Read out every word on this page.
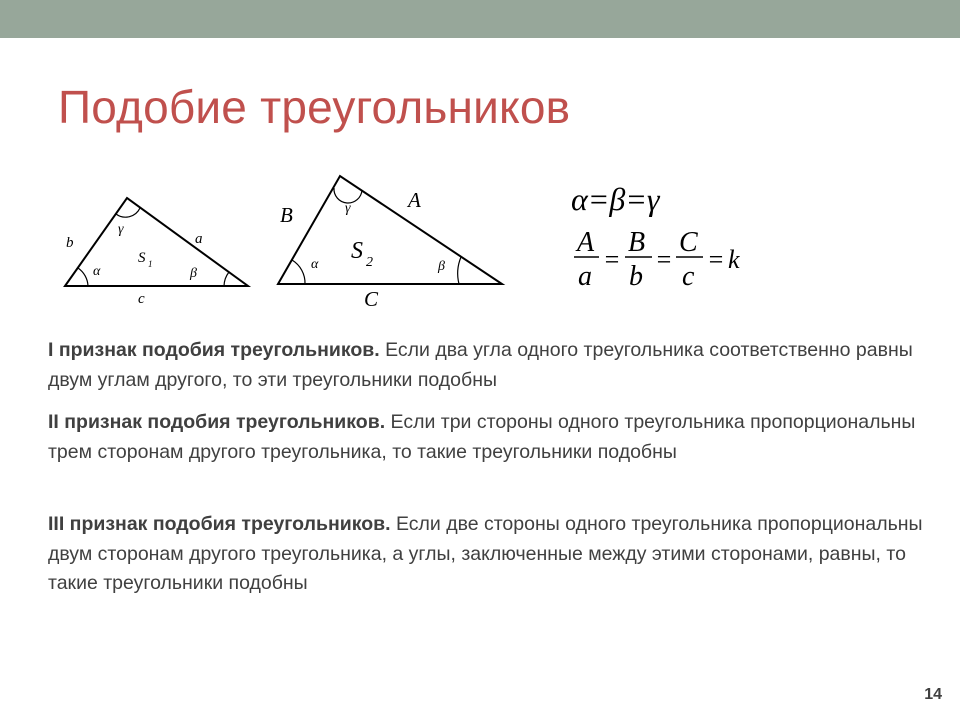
Подобие треугольников
b	a
c
α	β
γ
S 1
B
A
C
α	β
γ
S 2
α=β=γ
A
a
=
B
b
=
C
c
= k
I признак подобия треугольников. Если два угла одного треугольника соответственно равны двум углам другого, то эти треугольники подобны
II признак подобия треугольников. Если три стороны одного треугольника пропорциональны трем сторонам другого треугольника, то такие треугольники подобны
III признак подобия треугольников. Если две стороны одного треугольника пропорциональны двум сторонам другого треугольника, а углы, заключенные между этими сторонами, равны, то такие треугольники подобны
14
